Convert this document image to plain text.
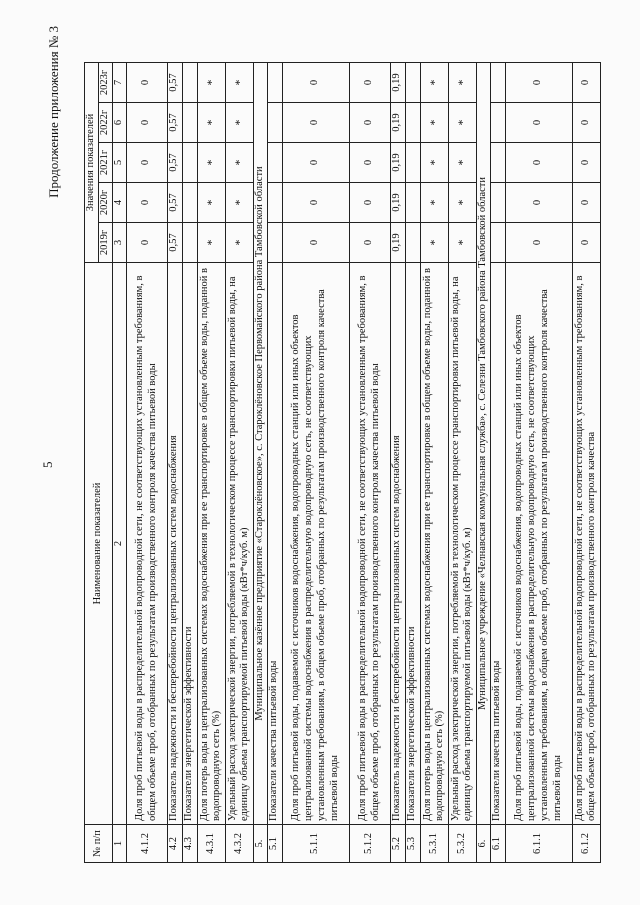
5
Продолжение приложения № 3
№ п/п	Наименование показателей	Значения показателей				
		2019г	2020г	2021г	2022г	2023г
1	2	3	4	5	6	7
4.1.2	Доля проб питьевой воды в распределительной водопроводной сети, не соответствующих установленным требованиям, в общем объеме проб, отобранных по результатам производственного контроля качества питьевой воды	0	0	0	0	0
4.2	Показатель надежности и бесперебойности централизованных систем водоснабжения	0,57	0,57	0,57	0,57	0,57
4.3	Показатели энергетической эффективности					
4.3.1	Доля потерь воды в централизованных системах водоснабжения при ее транспортировке в общем объеме воды, поданной в водопроводную сеть (%)	*	*	*	*	*
4.3.2	Удельный расход электрической энергии, потребляемой в технологическом процессе транспортировки питьевой воды, на единицу объема транспортируемой питьевой воды (кВт*ч/куб. м)	*	*	*	*	*
5.	Муниципальное казённое предприятие «Староклёновское», с. Староклёновское Первомайского района Тамбовской области					
5.1	Показатели качества питьевой воды					
5.1.1	Доля проб питьевой воды, подаваемой с источников водоснабжения, водопроводных станций или иных объектов централизованной системы водоснабжения в распределительную водопроводную сеть, не соответствующих установленным требованиям, в общем объеме проб, отобранных по результатам производственного контроля качества питьевой воды	0	0	0	0	0
5.1.2	Доля проб питьевой воды в распределительной водопроводной сети, не соответствующих установленным требованиям, в общем объеме проб, отобранных по результатам производственного контроля качества питьевой воды	0	0	0	0	0
5.2	Показатель надежности и бесперебойности централизованных систем водоснабжения	0,19	0,19	0,19	0,19	0,19
5.3	Показатели энергетической эффективности					
5.3.1	Доля потерь воды в централизованных системах водоснабжения при ее транспортировке в общем объеме воды, поданной в водопроводную сеть (%)	*	*	*	*	*
5.3.2	Удельный расход электрической энергии, потребляемой в технологическом процессе транспортировки питьевой воды, на единицу объема транспортируемой питьевой воды (кВт*ч/куб. м)	*	*	*	*	*
6.	Муниципальное учреждение «Челнавская коммунальная служба», с. Селезни Тамбовского района Тамбовской области					
6.1	Показатели качества питьевой воды					
6.1.1	Доля проб питьевой воды, подаваемой с источников водоснабжения, водопроводных станций или иных объектов централизованной системы водоснабжения в распределительную водопроводную сеть, не соответствующих установленным требованиям, в общем объеме проб, отобранных по результатам производственного контроля качества питьевой воды	0	0	0	0	0
6.1.2	Доля проб питьевой воды в распределительной водопроводной сети, не соответствующих установленным требованиям, в общем объеме проб, отобранных по результатам производственного контроля качества	0	0	0	0	0
